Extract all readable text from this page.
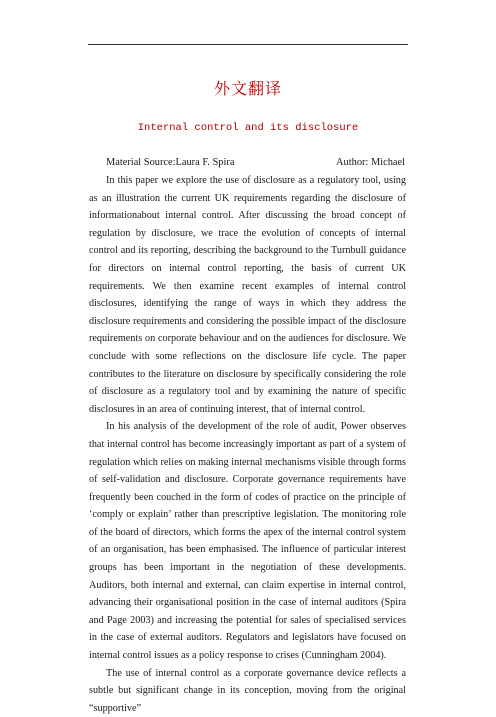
外文翻译
Internal control and its disclosure
Material Source:Laura F. Spira	Author: Michael

In this paper we explore the use of disclosure as a regulatory tool, using as an illustration the current UK requirements regarding the disclosure of informationabout internal control. After discussing the broad concept of regulation by disclosure, we trace the evolution of concepts of internal control and its reporting, describing the background to the Turnbull guidance for directors on internal control reporting, the basis of current UK requirements. We then examine recent examples of internal control disclosures, identifying the range of ways in which they address the disclosure requirements and considering the possible impact of the disclosure requirements on corporate behaviour and on the audiences for disclosure. We conclude with some reflections on the disclosure life cycle. The paper contributes to the literature on disclosure by specifically considering the role of disclosure as a regulatory tool and by examining the nature of specific disclosures in an area of continuing interest, that of internal control.

In his analysis of the development of the role of audit, Power observes that internal control has become increasingly important as part of a system of regulation which relies on making internal mechanisms visible through forms of self-validation and disclosure. Corporate governance requirements have frequently been couched in the form of codes of practice on the principle of ‘comply or explain’ rather than prescriptive legislation. The monitoring role of the board of directors, which forms the apex of the internal control system of an organisation, has been emphasised. The influence of particular interest groups has been important in the negotiation of these developments. Auditors, both internal and external, can claim expertise in internal control, advancing their organisational position in the case of internal auditors (Spira and Page 2003) and increasing the potential for sales of specialised services in the case of external auditors. Regulators and legislators have focused on internal control issues as a policy response to crises (Cunningham 2004).

The use of internal control as a corporate governance device reflects a subtle but significant change in its conception, moving from the original “supportive”
